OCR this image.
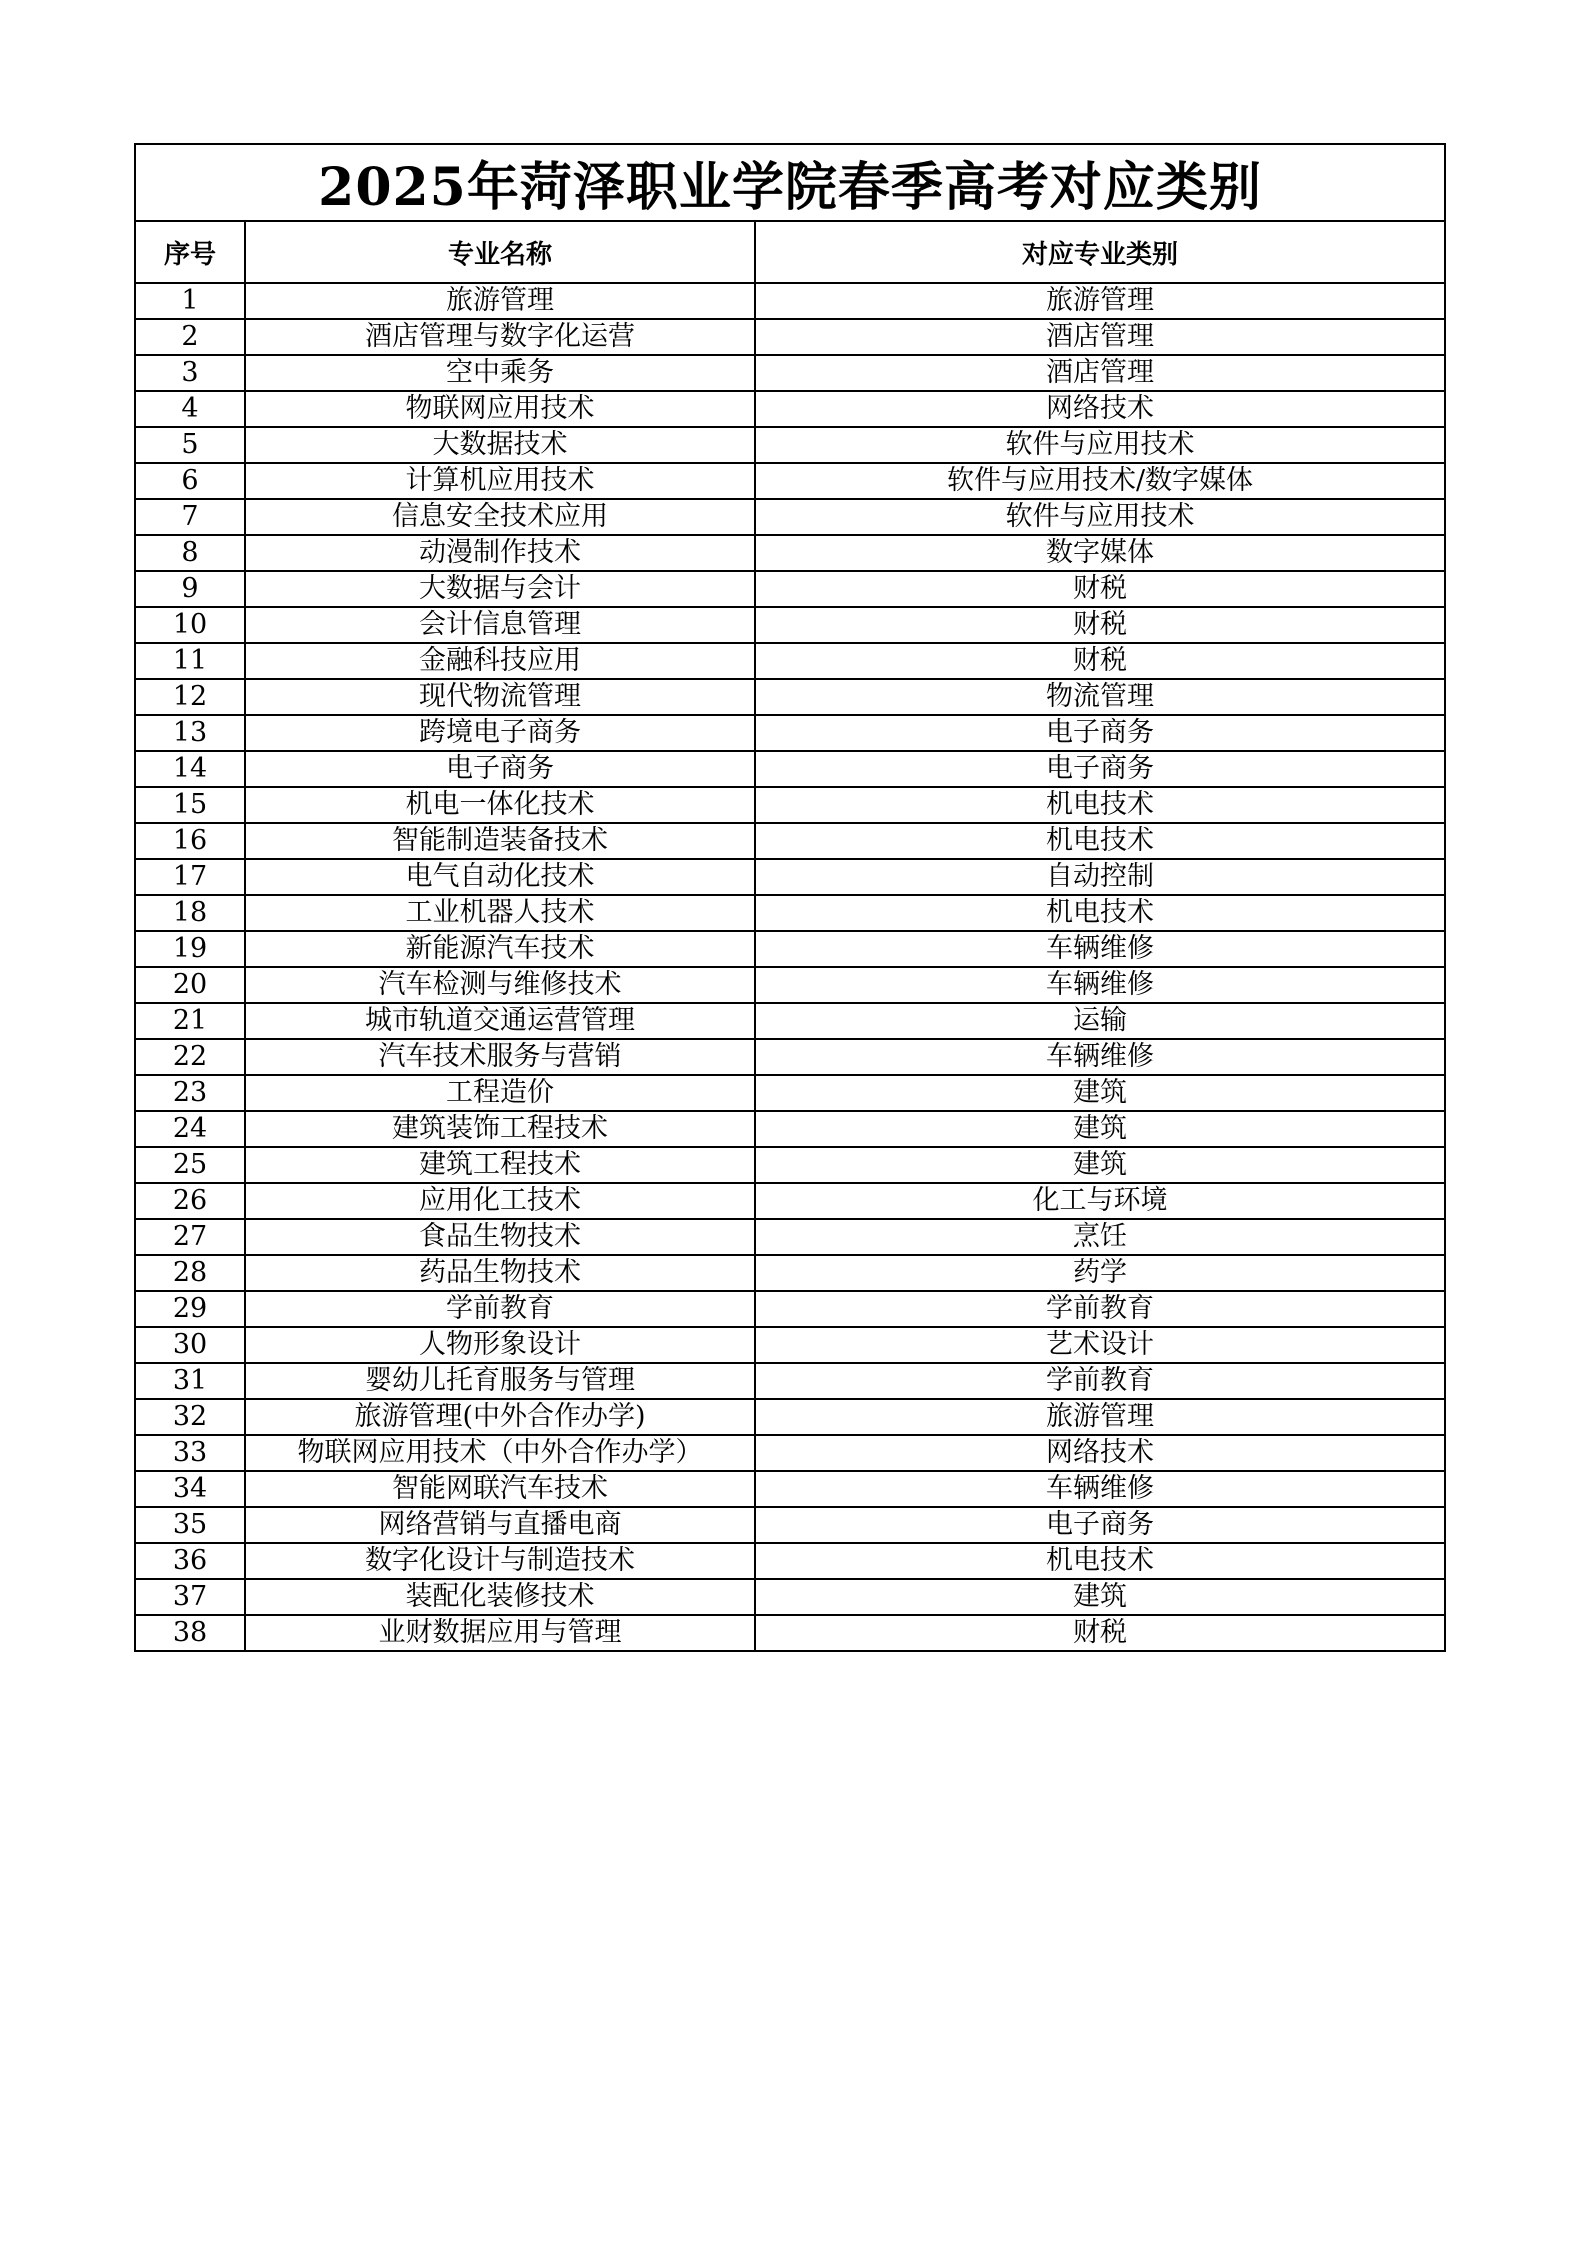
2025年菏泽职业学院春季高考对应类别		
序号	专业名称	对应专业类别
1	旅游管理	旅游管理
2	酒店管理与数字化运营	酒店管理
3	空中乘务	酒店管理
4	物联网应用技术	网络技术
5	大数据技术	软件与应用技术
6	计算机应用技术	软件与应用技术/数字媒体
7	信息安全技术应用	软件与应用技术
8	动漫制作技术	数字媒体
9	大数据与会计	财税
10	会计信息管理	财税
11	金融科技应用	财税
12	现代物流管理	物流管理
13	跨境电子商务	电子商务
14	电子商务	电子商务
15	机电一体化技术	机电技术
16	智能制造装备技术	机电技术
17	电气自动化技术	自动控制
18	工业机器人技术	机电技术
19	新能源汽车技术	车辆维修
20	汽车检测与维修技术	车辆维修
21	城市轨道交通运营管理	运输
22	汽车技术服务与营销	车辆维修
23	工程造价	建筑
24	建筑装饰工程技术	建筑
25	建筑工程技术	建筑
26	应用化工技术	化工与环境
27	食品生物技术	烹饪
28	药品生物技术	药学
29	学前教育	学前教育
30	人物形象设计	艺术设计
31	婴幼儿托育服务与管理	学前教育
32	旅游管理(中外合作办学)	旅游管理
33	物联网应用技术（中外合作办学）	网络技术
34	智能网联汽车技术	车辆维修
35	网络营销与直播电商	电子商务
36	数字化设计与制造技术	机电技术
37	装配化装修技术	建筑
38	业财数据应用与管理	财税
